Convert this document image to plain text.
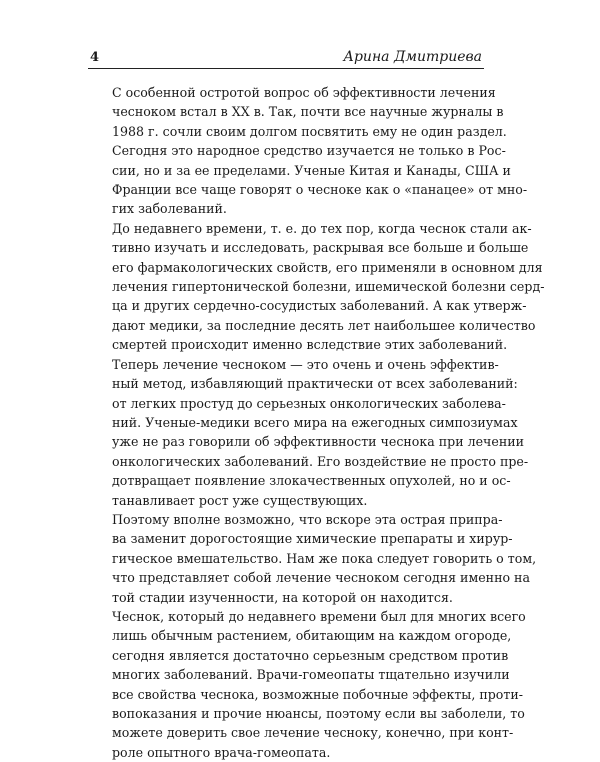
4	Арина Дмитриева

С особенной остротой вопрос об эффективности лечения
чесноком встал в XX в. Так, почти все научные журналы в
1988 г. сочли своим долгом посвятить ему не один раздел.
Сегодня это народное средство изучается не только в Рос-
сии, но и за ее пределами. Ученые Китая и Канады, США и
Франции все чаще говорят о чесноке как о «панацее» от мно-
гих заболеваний.

До недавнего времени, т. е. до тех пор, когда чеснок стали ак-
тивно изучать и исследовать, раскрывая все больше и больше
его фармакологических свойств, его применяли в основном для
лечения гипертонической болезни, ишемической болезни серд-
ца и других сердечно-сосудистых заболеваний. А как утверж-
дают медики, за последние десять лет наибольшее количество
смертей происходит именно вследствие этих заболеваний.

Теперь лечение чесноком — это очень и очень эффектив-
ный метод, избавляющий практически от всех заболеваний:
от легких простуд до серьезных онкологических заболева-
ний. Ученые-медики всего мира на ежегодных симпозиумах
уже не раз говорили об эффективности чеснока при лечении
онкологических заболеваний. Его воздействие не просто пре-
дотвращает появление злокачественных опухолей, но и ос-
танавливает рост уже существующих.

Поэтому вполне возможно, что вскоре эта острая припра-
ва заменит дорогостоящие химические препараты и хирур-
гическое вмешательство. Нам же пока следует говорить о том,
что представляет собой лечение чесноком сегодня именно на
той стадии изученности, на которой он находится.

Чеснок, который до недавнего времени был для многих всего
лишь обычным растением, обитающим на каждом огороде,
сегодня является достаточно серьезным средством против
многих заболеваний. Врачи-гомеопаты тщательно изучили
все свойства чеснока, возможные побочные эффекты, проти-
вопоказания и прочие нюансы, поэтому если вы заболели, то
можете доверить свое лечение чесноку, конечно, при конт-
роле опытного врача-гомеопата.
